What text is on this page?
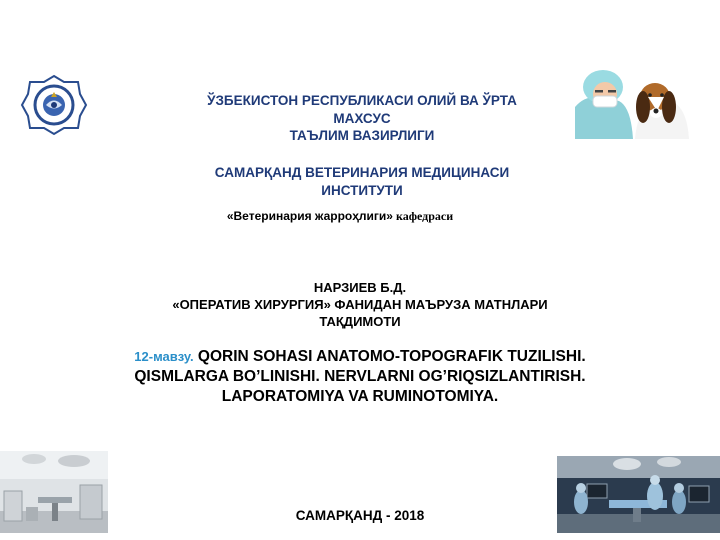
ЎЗБЕКИСТОН РЕСПУБЛИКАСИ ОЛИЙ ВА ЎРТА
МАХСУС
ТАЪЛИМ ВАЗИРЛИГИ
САМАРҚАНД ВЕТЕРИНАРИЯ МЕДИЦИНАСИ
ИНСТИТУТИ
«Ветеринария жарроҳлиги» кафедраси
НАРЗИЕВ Б.Д.
«ОПЕРАТИВ ХИРУРГИЯ» ФАНИДАН МАЪРУЗА МАТНЛАРИ
ТАҚДИМОТИ
12-мавзу. QORIN SOHASI ANATOMO-TOPOGRAFIK TUZILISHI.
QISMLARGA BO’LINISHI. NERVLARNI OG’RIQSIZLANTIRISH.
LAPORATOMIYA VA RUMINOTOMIYA.
САМАРҚАНД - 2018
